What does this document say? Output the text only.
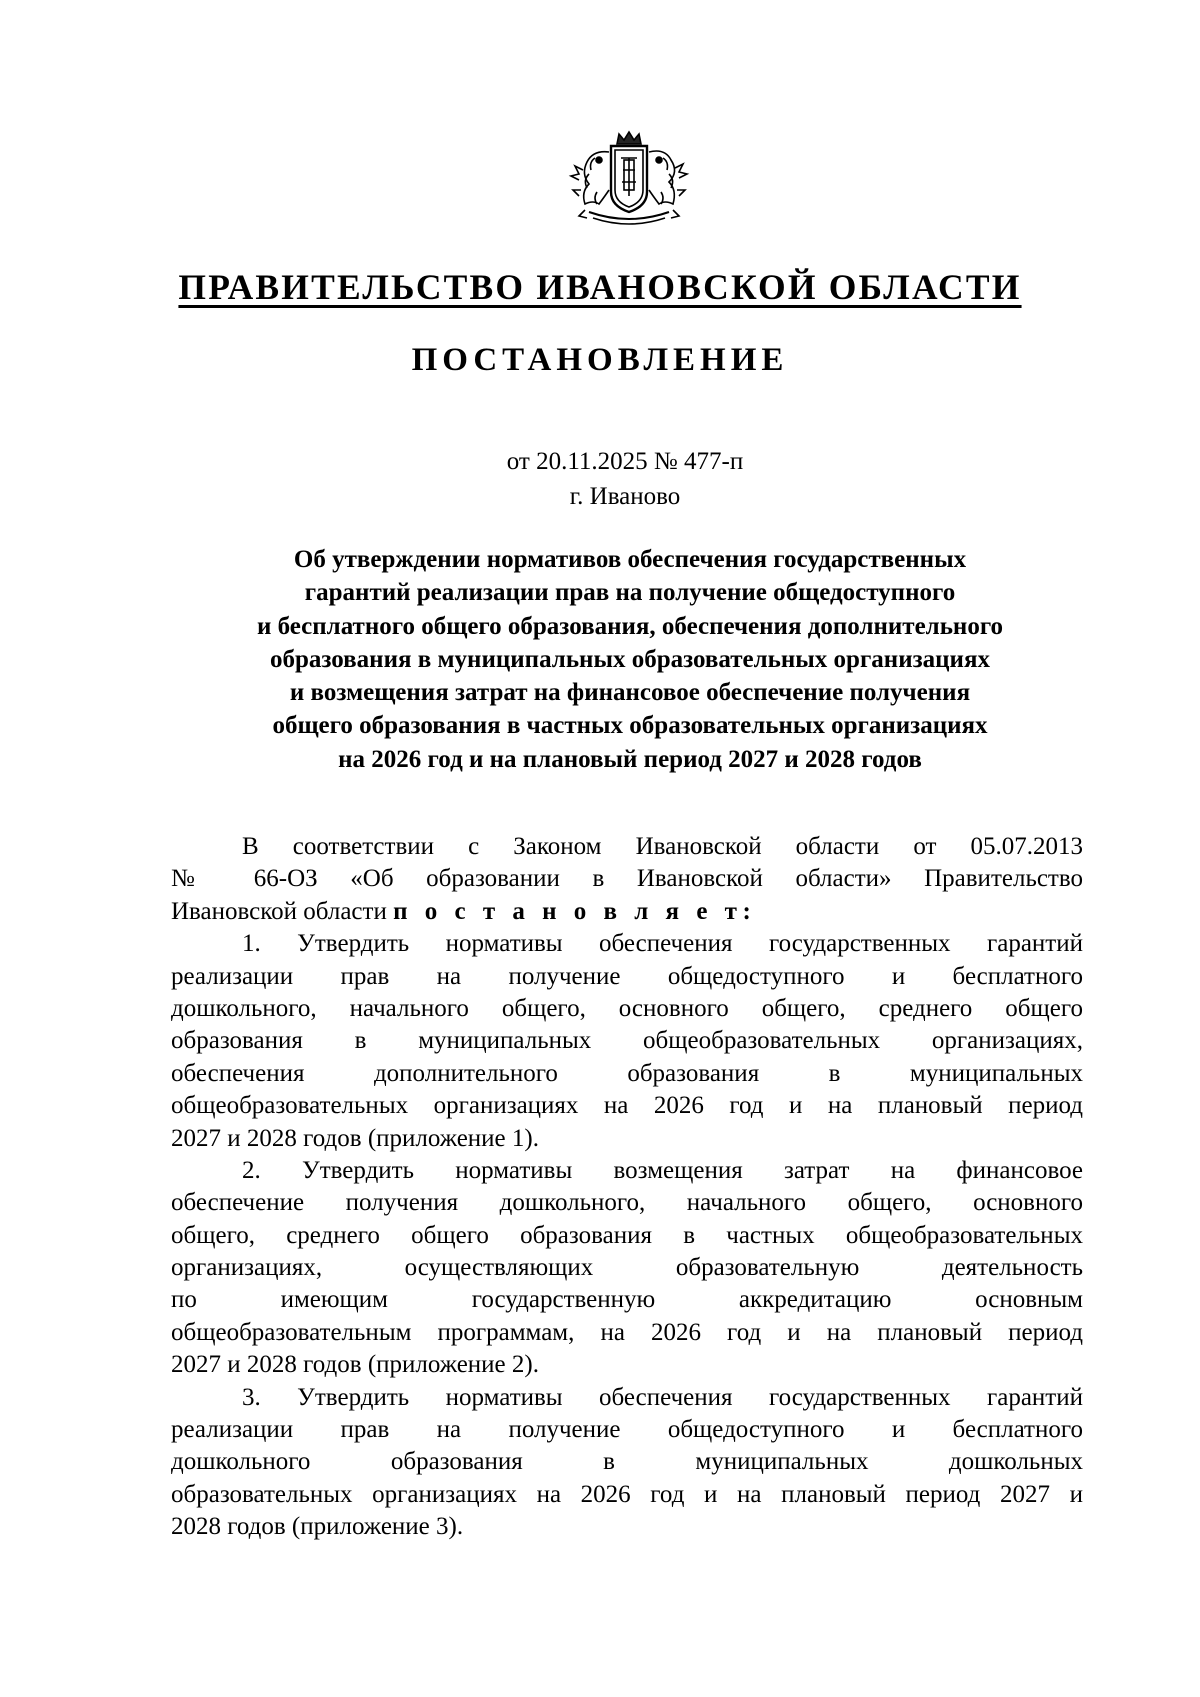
ПРАВИТЕЛЬСТВО ИВАНОВСКОЙ ОБЛАСТИ
ПОСТАНОВЛЕНИЕ
от 20.11.2025 № 477-п
г. Иваново
Об утверждении нормативов обеспечения государственных
гарантий реализации прав на получение общедоступного
и бесплатного общего образования, обеспечения дополнительного
образования в муниципальных образовательных организациях
и возмещения затрат на финансовое обеспечение получения
общего образования в частных образовательных организациях
на 2026 год и на плановый период 2027 и 2028 годов
В соответствии с Законом Ивановской области от 05.07.2013
№ 66-ОЗ «Об образовании в Ивановской области» Правительство
Ивановской области п о с т а н о в л я е т:
1. Утвердить нормативы обеспечения государственных гарантий
реализации прав на получение общедоступного и бесплатного
дошкольного, начального общего, основного общего, среднего общего
образования в муниципальных общеобразовательных организациях,
обеспечения дополнительного образования в муниципальных
общеобразовательных организациях на 2026 год и на плановый период
2027 и 2028 годов (приложение 1).
2. Утвердить нормативы возмещения затрат на финансовое
обеспечение получения дошкольного, начального общего, основного
общего, среднего общего образования в частных общеобразовательных
организациях, осуществляющих образовательную деятельность
по имеющим государственную аккредитацию основным
общеобразовательным программам, на 2026 год и на плановый период
2027 и 2028 годов (приложение 2).
3. Утвердить нормативы обеспечения государственных гарантий
реализации прав на получение общедоступного и бесплатного
дошкольного образования в муниципальных дошкольных
образовательных организациях на 2026 год и на плановый период 2027 и
2028 годов (приложение 3).
